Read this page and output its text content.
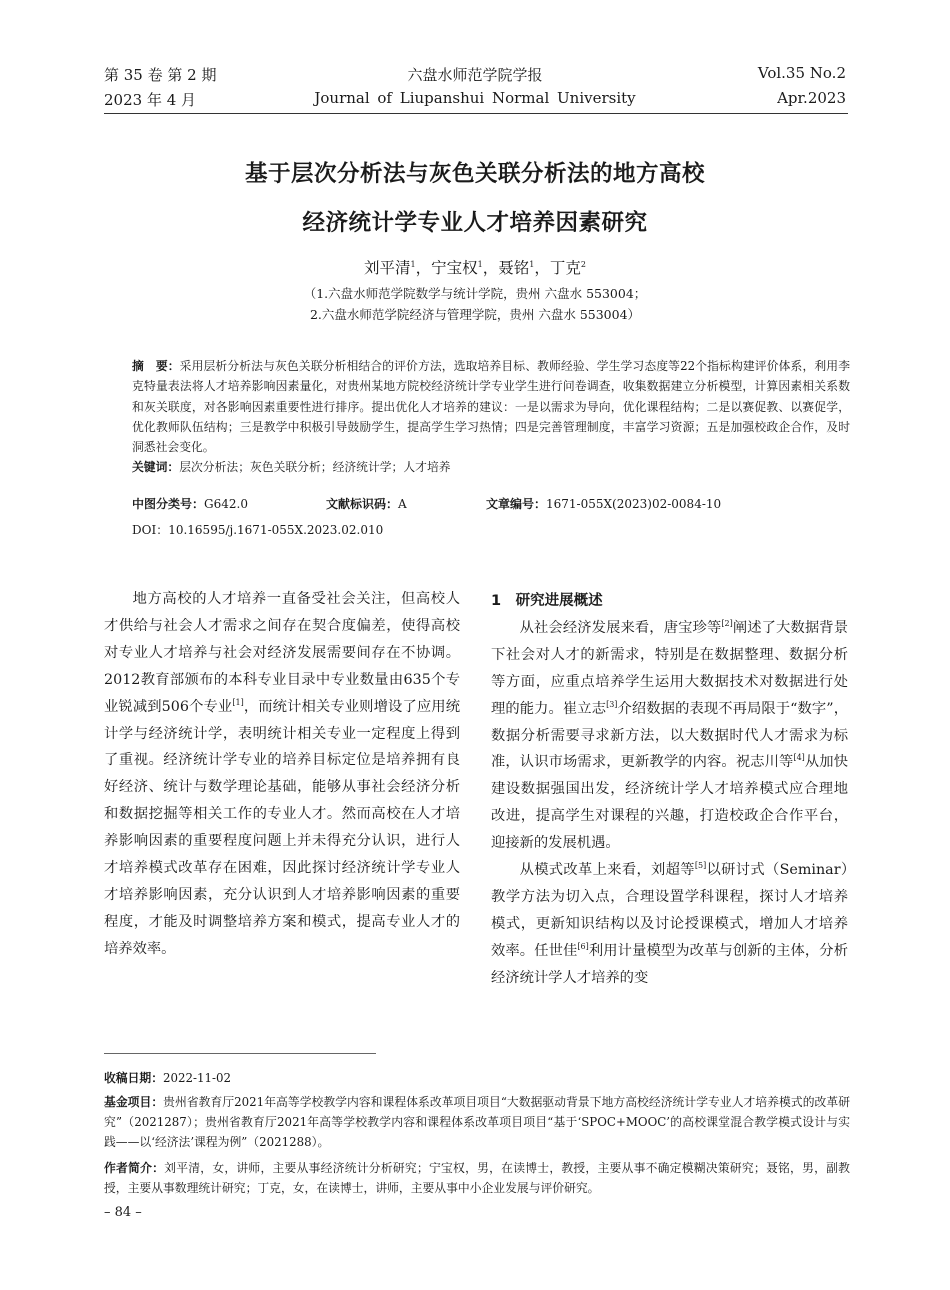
第 35 卷 第 2 期
2023 年 4 月
六盘水师范学院学报
Journal of Liupanshui Normal University
Vol.35 No.2
Apr.2023
基于层次分析法与灰色关联分析法的地方高校
经济统计学专业人才培养因素研究
刘平清$^1$，宁宝权$^1$，聂铭$^1$，丁克$^2$
（1.六盘水师范学院数学与统计学院，贵州 六盘水 553004；
2.六盘水师范学院经济与管理学院，贵州 六盘水 553004）
摘　要：采用层析分析法与灰色关联分析相结合的评价方法，选取培养目标、教师经验、学生学习态度等22个指标构建评价体系，利用李克特量表法将人才培养影响因素量化，对贵州某地方院校经济统计学专业学生进行问卷调查，收集数据建立分析模型，计算因素相关系数和灰关联度，对各影响因素重要性进行排序。提出优化人才培养的建议：一是以需求为导向，优化课程结构；二是以赛促教、以赛促学，优化教师队伍结构；三是教学中积极引导鼓励学生，提高学生学习热情；四是完善管理制度，丰富学习资源；五是加强校政企合作，及时洞悉社会变化。
关键词：层次分析法；灰色关联分析；经济统计学；人才培养
中图分类号：G642.0	文献标识码：A	文章编号：1671-055X(2023)02-0084-10
DOI：10.16595/j.1671-055X.2023.02.010

地方高校的人才培养一直备受社会关注，但高校人才供给与社会人才需求之间存在契合度偏差，使得高校对专业人才培养与社会对经济发展需要间存在不协调。2012教育部颁布的本科专业目录中专业数量由635个专业锐减到506个专业[1]，而统计相关专业则增设了应用统计学与经济统计学，表明统计相关专业一定程度上得到了重视。经济统计学专业的培养目标定位是培养拥有良好经济、统计与数学理论基础，能够从事社会经济分析和数据挖掘等相关工作的专业人才。然而高校在人才培养影响因素的重要程度问题上并未得充分认识，进行人才培养模式改革存在困难，因此探讨经济统计学专业人才培养影响因素，充分认识到人才培养影响因素的重要程度，才能及时调整培养方案和模式，提高专业人才的培养效率。

1　研究进展概述

从社会经济发展来看，唐宝珍等[2]阐述了大数据背景下社会对人才的新需求，特别是在数据整理、数据分析等方面，应重点培养学生运用大数据技术对数据进行处理的能力。崔立志[3]介绍数据的表现不再局限于“数字”，数据分析需要寻求新方法，以大数据时代人才需求为标准，认识市场需求，更新教学的内容。祝志川等[4]从加快建设数据强国出发，经济统计学人才培养模式应合理地改进，提高学生对课程的兴趣，打造校政企合作平台，迎接新的发展机遇。

从模式改革上来看，刘超等[5]以研讨式（Seminar）教学方法为切入点，合理设置学科课程，探讨人才培养模式，更新知识结构以及讨论授课模式，增加人才培养效率。任世佳[6]利用计量模型为改革与创新的主体，分析经济统计学人才培养的变

收稿日期：2022-11-02
基金项目：贵州省教育厅2021年高等学校教学内容和课程体系改革项目项目“大数据驱动背景下地方高校经济统计学专业人才培养模式的改革研究”（2021287）；贵州省教育厅2021年高等学校教学内容和课程体系改革项目项目“基于‘SPOC+MOOC’的高校课堂混合教学模式设计与实践——以‘经济法’课程为例”（2021288）。
作者简介：刘平清，女，讲师，主要从事经济统计分析研究；宁宝权，男，在读博士，教授，主要从事不确定模糊决策研究；聂铭，男，副教授，主要从事数理统计研究；丁克，女，在读博士，讲师，主要从事中小企业发展与评价研究。
– 84 –
